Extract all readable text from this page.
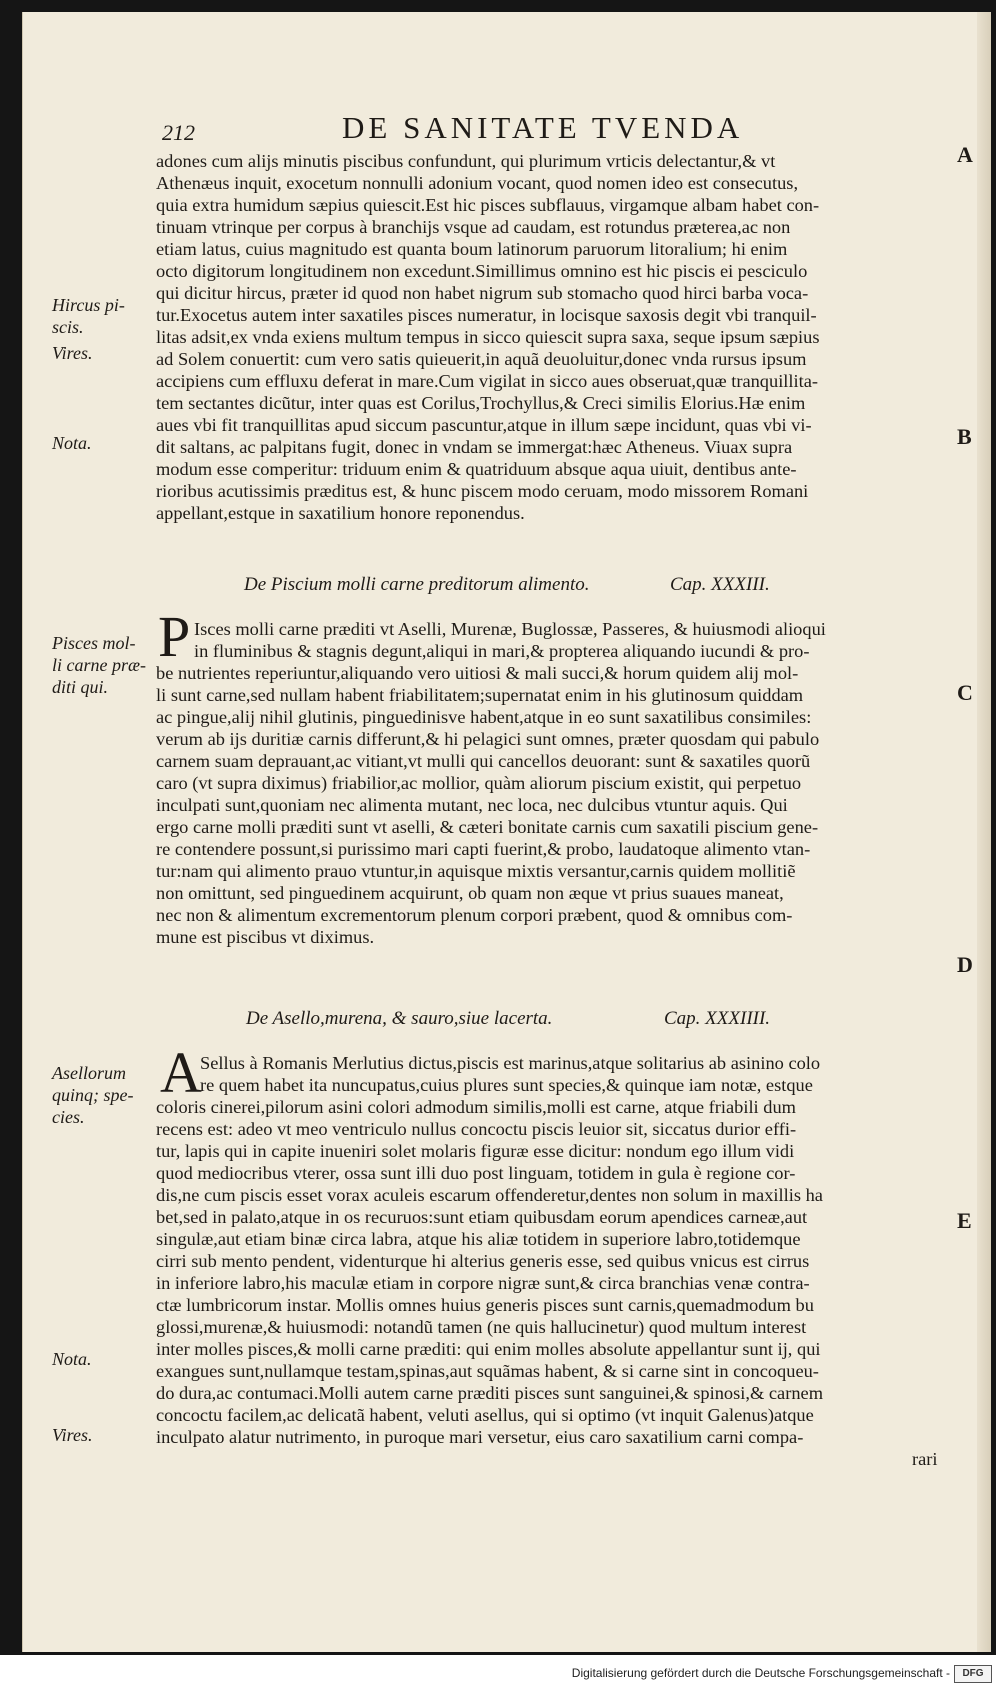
212	DE SANITATE TVENDA
A
B
C
D
E
adones cum alijs minutis piscibus confundunt, qui plurimum vrticis delectantur,& vt
Athenæus inquit, exocetum nonnulli adonium vocant, quod nomen ideo est consecutus,
quia extra humidum sæpius quiescit.Est hic pisces subflauus, virgamque albam habet con-
tinuam vtrinque per corpus à branchijs vsque ad caudam, est rotundus præterea,ac non
etiam latus, cuius magnitudo est quanta boum latinorum paruorum litoralium; hi enim
octo digitorum longitudinem non excedunt.Simillimus omnino est hic piscis ei pesciculo
qui dicitur hircus, præter id quod non habet nigrum sub stomacho quod hirci barba voca-
tur.Exocetus autem inter saxatiles pisces numeratur, in locisque saxosis degit vbi tranquil-
litas adsit,ex vnda exiens multum tempus in sicco quiescit supra saxa, seque ipsum sæpius
ad Solem conuertit: cum vero satis quieuerit,in aquã deuoluitur,donec vnda rursus ipsum
accipiens cum effluxu deferat in mare.Cum vigilat in sicco aues obseruat,quæ tranquillita-
tem sectantes dicũtur, inter quas est Corilus,Trochyllus,& Creci similis Elorius.Hæ enim
aues vbi fit tranquillitas apud siccum pascuntur,atque in illum sæpe incidunt, quas vbi vi-
dit saltans, ac palpitans fugit, donec in vndam se immergat:hæc Atheneus. Viuax supra
modum esse comperitur: triduum enim & quatriduum absque aqua uiuit, dentibus ante-
rioribus acutissimis præditus est, & hunc piscem modo ceruam, modo missorem Romani
appellant,estque in saxatilium honore reponendus.
Hircus pi-
scis.
Vires.
Nota.
De Piscium molli carne preditorum alimento.	Cap. XXXIII.
P Isces molli carne præditi vt Aselli, Murenæ, Buglossæ, Passeres, & huiusmodi alioqui
in fluminibus & stagnis degunt,aliqui in mari,& propterea aliquando iucundi & pro-
be nutrientes reperiuntur,aliquando vero uitiosi & mali succi,& horum quidem alij mol-
li sunt carne,sed nullam habent friabilitatem;supernatat enim in his glutinosum quiddam
ac pingue,alij nihil glutinis, pinguedinisve habent,atque in eo sunt saxatilibus consimiles:
verum ab ijs duritiæ carnis differunt,& hi pelagici sunt omnes, præter quosdam qui pabulo
carnem suam deprauant,ac vitiant,vt mulli qui cancellos deuorant: sunt & saxatiles quorũ
caro (vt supra diximus) friabilior,ac mollior, quàm aliorum piscium existit, qui perpetuo
inculpati sunt,quoniam nec alimenta mutant, nec loca, nec dulcibus vtuntur aquis. Qui
ergo carne molli præditi sunt vt aselli, & cæteri bonitate carnis cum saxatili piscium gene-
re contendere possunt,si purissimo mari capti fuerint,& probo, laudatoque alimento vtan-
tur:nam qui alimento prauo vtuntur,in aquisque mixtis versantur,carnis quidem mollitiẽ
non omittunt, sed pinguedinem acquirunt, ob quam non æque vt prius suaues maneat,
nec non & alimentum excrementorum plenum corpori præbent, quod & omnibus com-
mune est piscibus vt diximus.
Pisces mol-
li carne præ-
diti qui.
De Asello,murena, & sauro,siue lacerta.	Cap. XXXIIII.
A
Sellus à Romanis Merlutius dictus,piscis est marinus,atque solitarius ab asinino colo
re quem habet ita nuncupatus,cuius plures sunt species,& quinque iam notæ, estque
coloris cinerei,pilorum asini colori admodum similis,molli est carne, atque friabili dum
recens est: adeo vt meo ventriculo nullus concoctu piscis leuior sit, siccatus durior effi-
tur, lapis qui in capite inueniri solet molaris figuræ esse dicitur: nondum ego illum vidi
quod mediocribus vterer, ossa sunt illi duo post linguam, totidem in gula è regione cor-
dis,ne cum piscis esset vorax aculeis escarum offenderetur,dentes non solum in maxillis ha
bet,sed in palato,atque in os recuruos:sunt etiam quibusdam eorum apendices carneæ,aut
singulæ,aut etiam binæ circa labra, atque his aliæ totidem in superiore labro,totidemque
cirri sub mento pendent, videnturque hi alterius generis esse, sed quibus vnicus est cirrus
in inferiore labro,his maculæ etiam in corpore nigræ sunt,& circa branchias venæ contra-
ctæ lumbricorum instar. Mollis omnes huius generis pisces sunt carnis,quemadmodum bu
glossi,murenæ,& huiusmodi: notandũ tamen (ne quis hallucinetur) quod multum interest
inter molles pisces,& molli carne præditi: qui enim molles absolute appellantur sunt ij, qui
exangues sunt,nullamque testam,spinas,aut squãmas habent, & si carne sint in concoqueu-
do dura,ac contumaci.Molli autem carne præditi pisces sunt sanguinei,& spinosi,& carnem
concoctu facilem,ac delicatã habent, veluti asellus, qui si optimo (vt inquit Galenus)atque
inculpato alatur nutrimento, in puroque mari versetur, eius caro saxatilium carni compa-
rari
Asellorum
quinq; spe-
cies.
Nota.
Vires.
Digitalisierung gefördert durch die Deutsche Forschungsgemeinschaft -	DFG
